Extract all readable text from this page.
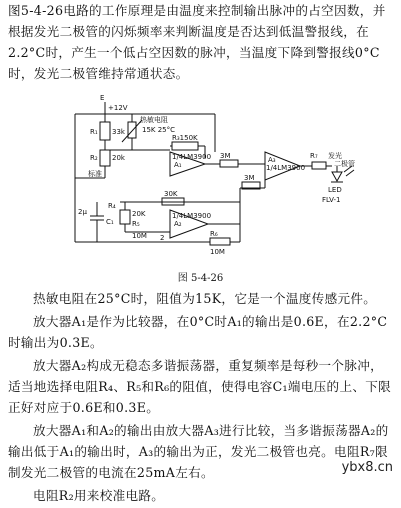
图5-4-26电路的工作原理是由温度来控制输出脉冲的占空因数，并根据发光二极管的闪烁频率来判断温度是否达到低温警报线，在2.2°C时，产生一个低占空因数的脉冲，当温度下降到警报线0°C时，发光二极管维持常通状态。
E
+12V
R₁ 33k
R₂ 20k
标准
热敏电阻
15K 25°C
R₃150K
A₁
1/4LM3900 3M	A₃
1/4LM3900
R₇
LED
FLV-1
发光
二极管
3M
30K
R₄
20K
R₅
10M
2μ
C₁	A₂
1/4LM3900
2	R₆
10M
图 5-4-26
热敏电阻在25°C时，阻值为15K，它是一个温度传感元件。
放大器A₁是作为比较器，在0°C时A₁的输出是0.6E，在2.2°C时输出为0.3E。
放大器A₂构成无稳态多谐振荡器，重复频率是每秒一个脉冲，适当地选择电阻R₄、R₅和R₆的阻值，使得电容C₁端电压的上、下限正好对应于0.6E和0.3E。
放大器A₁和A₂的输出由放大器A₃进行比较，当多谐振荡器A₂的输出低于A₁的输出时，A₃的输出为正，发光二极管也亮。电阻R₇限制发光二极管的电流在25mA左右。
电阻R₂用来校准电路。
ybx8.cn
